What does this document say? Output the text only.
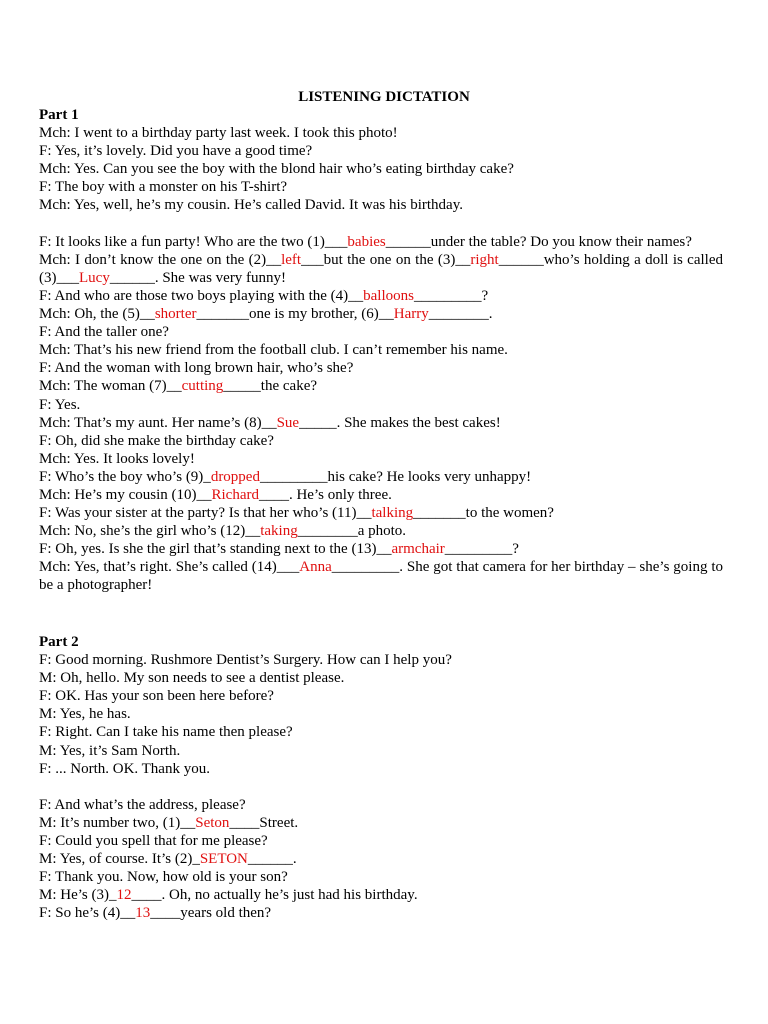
LISTENING DICTATION
Part 1
Mch: I went to a birthday party last week. I took this photo!
F: Yes, it’s lovely. Did you have a good time?
Mch: Yes. Can you see the boy with the blond hair who’s eating birthday cake?
F: The boy with a monster on his T-shirt?
Mch: Yes, well, he’s my cousin. He’s called David. It was his birthday.
F: It looks like a fun party! Who are the two (1)___babies______under the table? Do you know their names?
Mch: I don’t know the one on the (2)__left___but the one on the (3)__right______who’s holding a doll is called (3)___Lucy______. She was very funny!
F: And who are those two boys playing with the (4)__balloons_________?
Mch: Oh, the (5)__shorter_______one is my brother, (6)__Harry________.
F: And the taller one?
Mch: That’s his new friend from the football club. I can’t remember his name.
F: And the woman with long brown hair, who’s she?
Mch: The woman (7)__cutting_____the cake?
F: Yes.
Mch: That’s my aunt. Her name’s (8)__Sue_____. She makes the best cakes!
F: Oh, did she make the birthday cake?
Mch: Yes. It looks lovely!
F: Who’s the boy who’s (9)_dropped_________his cake? He looks very unhappy!
Mch: He’s my cousin (10)__Richard____. He’s only three.
F: Was your sister at the party? Is that her who’s (11)__talking_______to the women?
Mch: No, she’s the girl who’s (12)__taking________a photo.
F: Oh, yes. Is she the girl that’s standing next to the (13)__armchair_________?
Mch: Yes, that’s right. She’s called (14)___Anna_________. She got that camera for her birthday – she’s going to be a photographer!
Part 2
F: Good morning. Rushmore Dentist’s Surgery. How can I help you?
M: Oh, hello. My son needs to see a dentist please.
F: OK. Has your son been here before?
M: Yes, he has.
F: Right. Can I take his name then please?
M: Yes, it’s Sam North.
F: ... North. OK. Thank you.
F: And what’s the address, please?
M: It’s number two, (1)__Seton____Street.
F: Could you spell that for me please?
M: Yes, of course. It’s (2)_SETON______.
F: Thank you. Now, how old is your son?
M: He’s (3)_12____. Oh, no actually he’s just had his birthday.
F: So he’s (4)__13____years old then?
